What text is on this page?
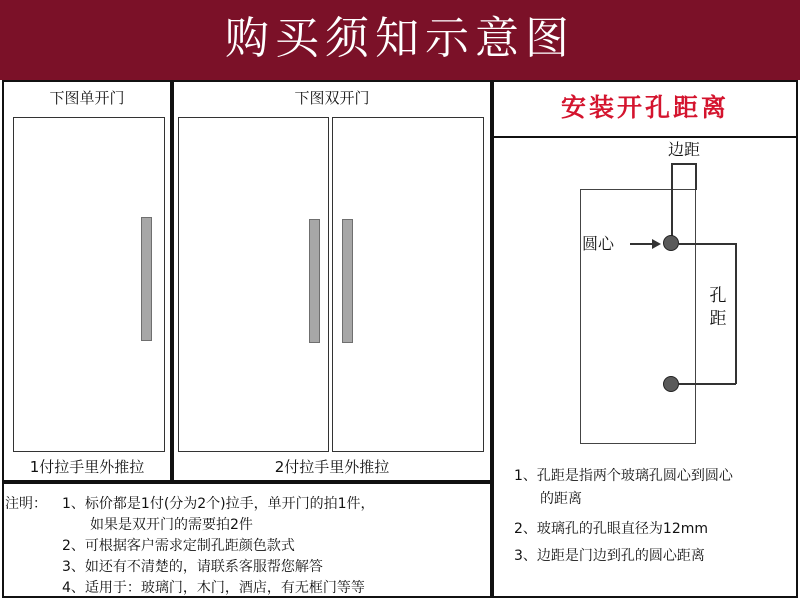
购买须知示意图
下图单开门
1付拉手里外推拉
下图双开门
2付拉手里外推拉
安装开孔距离
边距
圆心
孔
距
1、孔距是指两个玻璃孔圆心到圆心
的距离
2、玻璃孔的孔眼直径为12mm
3、边距是门边到孔的圆心距离
注明： 1、标价都是1付(分为2个)拉手，单开门的拍1件，
如果是双开门的需要拍2件
2、可根据客户需求定制孔距颜色款式
3、如还有不清楚的，请联系客服帮您解答
4、适用于：玻璃门，木门，酒店，有无框门等等
